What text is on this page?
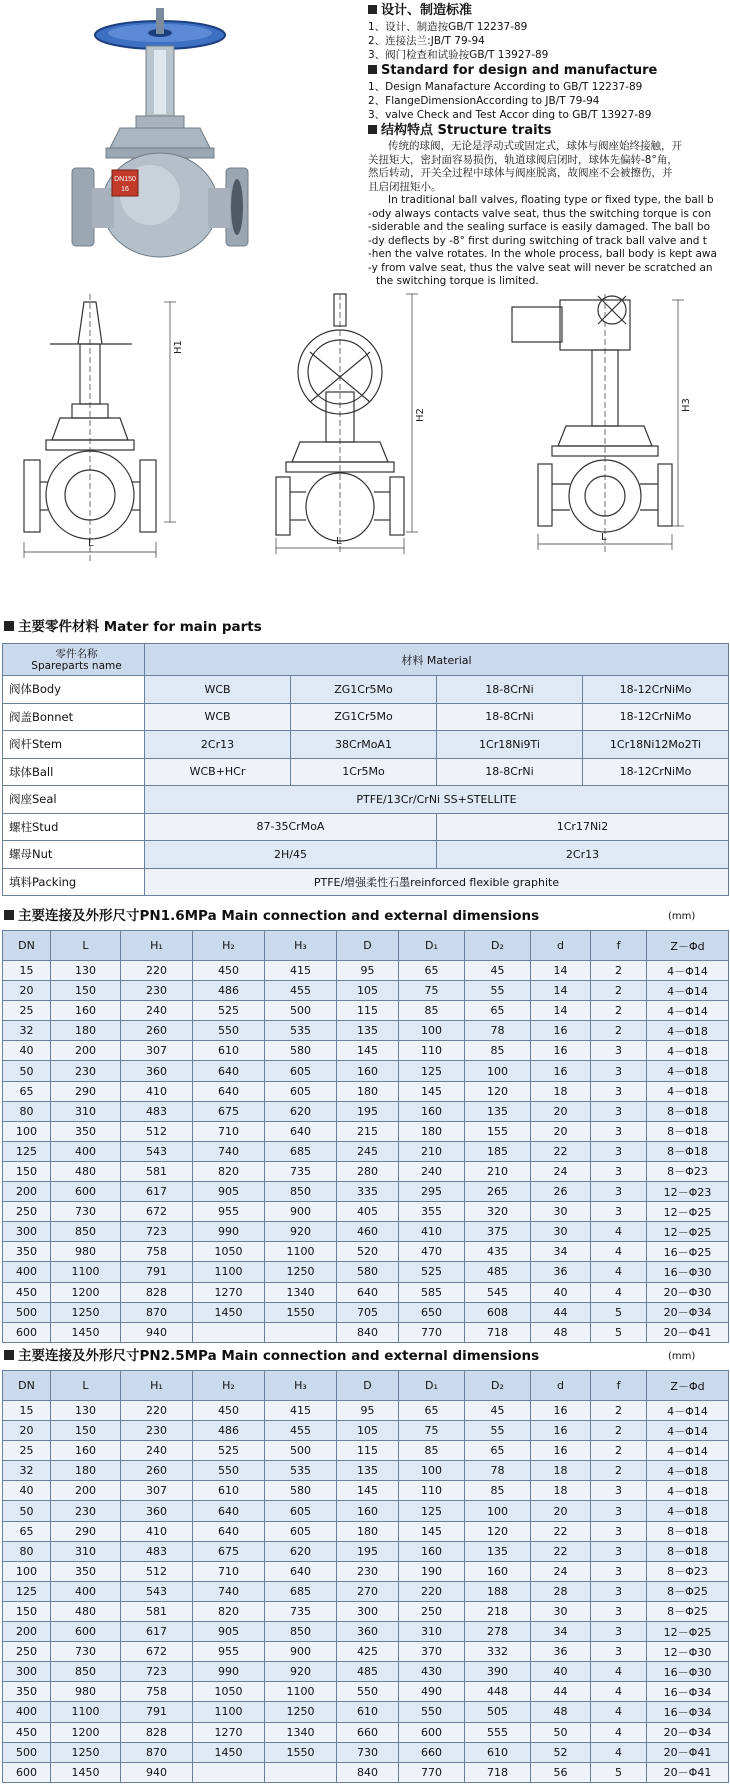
DN150
16
设计、制造标准
1、设计、制造按GB/T 12237-89
2、连接法兰:JB/T 79-94
3、阀门检查和试验按GB/T 13927-89
Standard for design and manufacture
1、Design Manafacture According to GB/T 12237-89
2、FlangeDimensionAccording to JB/T 79-94
3、valve Check and Test Accor ding to GB/T 13927-89
结构特点 Structure traits
传统的球阀，无论是浮动式或固定式，球体与阀座始终接触，开
关扭矩大，密封面容易损伤，轨道球阀启闭时，球体先偏转-8°角，
然后转动，开关全过程中球体与阀座脱离，故阀座不会被擦伤，并
且启闭扭矩小。
In traditional ball valves, floating type or fixed type, the ball b
-ody always contacts valve seat, thus the switching torque is con
-siderable and the sealing surface is easily damaged. The ball bo
-dy deflects by -8° first during switching of track ball valve and t
-hen the valve rotates. In the whole process, ball body is kept awa
-y from valve seat, thus the valve seat will never be scratched an
the switching torque is limited.
H1
L
H2
L
H3
L
主要零件材料 Mater for main parts
零件名称
Spareparts name	材料 Material			
阀体Body	WCB	ZG1Cr5Mo	18-8CrNi	18-12CrNiMo
阀盖Bonnet	WCB	ZG1Cr5Mo	18-8CrNi	18-12CrNiMo
阀杆Stem	2Cr13	38CrMoA1	1Cr18Ni9Ti	1Cr18Ni12Mo2Ti
球体Ball	WCB+HCr	1Cr5Mo	18-8CrNi	18-12CrNiMo
阀座Seal	PTFE/13Cr/CrNi SS+STELLITE			
螺柱Stud	87-35CrMoA		1Cr17Ni2	
螺母Nut	2H/45		2Cr13	
填料Packing	PTFE/增强柔性石墨reinforced flexible graphite			
主要连接及外形尺寸PN1.6MPa Main connection and external dimensions	(mm)
DN	L	H₁	H₂	H₃	D	D₁	D₂	d	f	Z－Φd
15	130	220	450	415	95	65	45	14	2	4－Φ14
20	150	230	486	455	105	75	55	14	2	4－Φ14
25	160	240	525	500	115	85	65	14	2	4－Φ14
32	180	260	550	535	135	100	78	16	2	4－Φ18
40	200	307	610	580	145	110	85	16	3	4－Φ18
50	230	360	640	605	160	125	100	16	3	4－Φ18
65	290	410	640	605	180	145	120	18	3	4－Φ18
80	310	483	675	620	195	160	135	20	3	8－Φ18
100	350	512	710	640	215	180	155	20	3	8－Φ18
125	400	543	740	685	245	210	185	22	3	8－Φ18
150	480	581	820	735	280	240	210	24	3	8－Φ23
200	600	617	905	850	335	295	265	26	3	12－Φ23
250	730	672	955	900	405	355	320	30	3	12－Φ25
300	850	723	990	920	460	410	375	30	4	12－Φ25
350	980	758	1050	1100	520	470	435	34	4	16－Φ25
400	1100	791	1100	1250	580	525	485	36	4	16－Φ30
450	1200	828	1270	1340	640	585	545	40	4	20－Φ30
500	1250	870	1450	1550	705	650	608	44	5	20－Φ34
600	1450	940			840	770	718	48	5	20－Φ41
主要连接及外形尺寸PN2.5MPa Main connection and external dimensions	(mm)
DN	L	H₁	H₂	H₃	D	D₁	D₂	d	f	Z－Φd
15	130	220	450	415	95	65	45	16	2	4－Φ14
20	150	230	486	455	105	75	55	16	2	4－Φ14
25	160	240	525	500	115	85	65	16	2	4－Φ14
32	180	260	550	535	135	100	78	18	2	4－Φ18
40	200	307	610	580	145	110	85	18	3	4－Φ18
50	230	360	640	605	160	125	100	20	3	4－Φ18
65	290	410	640	605	180	145	120	22	3	8－Φ18
80	310	483	675	620	195	160	135	22	3	8－Φ18
100	350	512	710	640	230	190	160	24	3	8－Φ23
125	400	543	740	685	270	220	188	28	3	8－Φ25
150	480	581	820	735	300	250	218	30	3	8－Φ25
200	600	617	905	850	360	310	278	34	3	12－Φ25
250	730	672	955	900	425	370	332	36	3	12－Φ30
300	850	723	990	920	485	430	390	40	4	16－Φ30
350	980	758	1050	1100	550	490	448	44	4	16－Φ34
400	1100	791	1100	1250	610	550	505	48	4	16－Φ34
450	1200	828	1270	1340	660	600	555	50	4	20－Φ34
500	1250	870	1450	1550	730	660	610	52	4	20－Φ41
600	1450	940			840	770	718	56	5	20－Φ41
